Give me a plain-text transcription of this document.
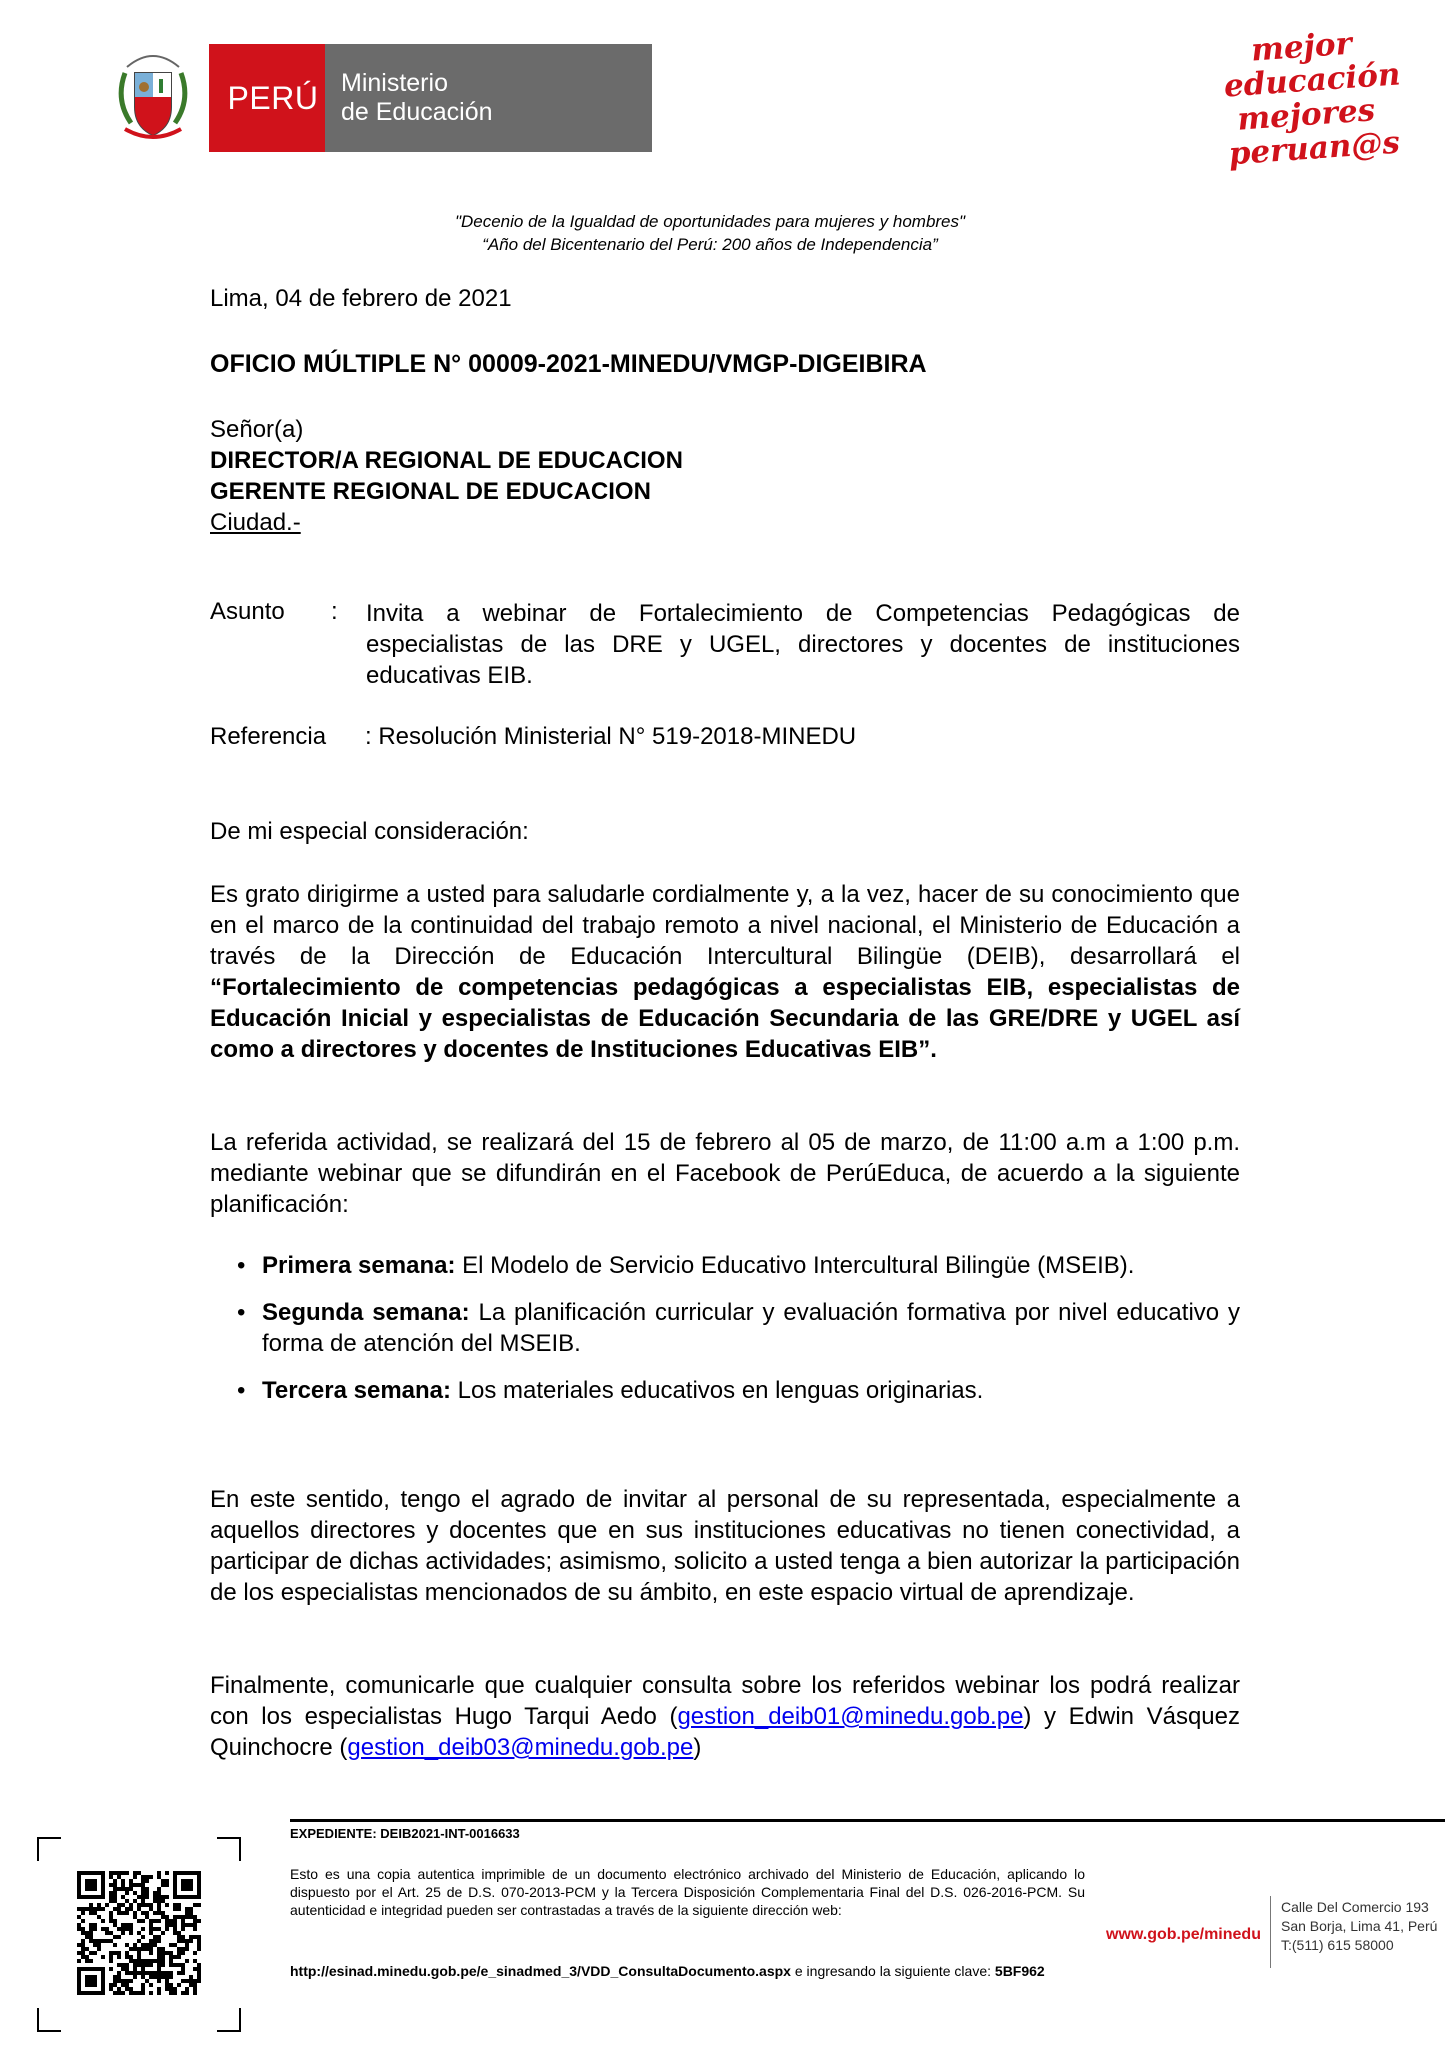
PERÚ Ministerio
de Educación
mejor
educación
mejores
peruan@s
"Decenio de la Igualdad de oportunidades para mujeres y hombres"
“Año del Bicentenario del Perú: 200 años de Independencia”
Lima, 04 de febrero de 2021
OFICIO MÚLTIPLE N° 00009-2021-MINEDU/VMGP-DIGEIBIRA
Señor(a)
DIRECTOR/A REGIONAL DE EDUCACION
GERENTE REGIONAL DE EDUCACION
Ciudad.-
Asunto : Invita a webinar de Fortalecimiento de Competencias Pedagógicas de especialistas de las DRE y UGEL, directores y docentes de instituciones educativas EIB.
Referencia : Resolución Ministerial N° 519-2018-MINEDU
De mi especial consideración:
Es grato dirigirme a usted para saludarle cordialmente y, a la vez, hacer de su conocimiento que en el marco de la continuidad del trabajo remoto a nivel nacional, el Ministerio de Educación a través de la Dirección de Educación Intercultural Bilingüe (DEIB), desarrollará el “Fortalecimiento de competencias pedagógicas a especialistas EIB, especialistas de Educación Inicial y especialistas de Educación Secundaria de las GRE/DRE y UGEL así como a directores y docentes de Instituciones Educativas EIB”.
La referida actividad, se realizará del 15 de febrero al 05 de marzo, de 11:00 a.m a 1:00 p.m. mediante webinar que se difundirán en el Facebook de PerúEduca, de acuerdo a la siguiente planificación:
• Primera semana: El Modelo de Servicio Educativo Intercultural Bilingüe (MSEIB).
• Segunda semana: La planificación curricular y evaluación formativa por nivel educativo y forma de atención del MSEIB.
• Tercera semana: Los materiales educativos en lenguas originarias.
En este sentido, tengo el agrado de invitar al personal de su representada, especialmente a aquellos directores y docentes que en sus instituciones educativas no tienen conectividad, a participar de dichas actividades; asimismo, solicito a usted tenga a bien autorizar la participación de los especialistas mencionados de su ámbito, en este espacio virtual de aprendizaje.
Finalmente, comunicarle que cualquier consulta sobre los referidos webinar los podrá realizar con los especialistas Hugo Tarqui Aedo (gestion_deib01@minedu.gob.pe) y Edwin Vásquez Quinchocre (gestion_deib03@minedu.gob.pe)
EXPEDIENTE: DEIB2021-INT-0016633
Esto es una copia autentica imprimible de un documento electrónico archivado del Ministerio de Educación, aplicando lo dispuesto por el Art. 25 de D.S. 070-2013-PCM y la Tercera Disposición Complementaria Final del D.S. 026-2016-PCM. Su autenticidad e integridad pueden ser contrastadas a través de la siguiente dirección web:
http://esinad.minedu.gob.pe/e_sinadmed_3/VDD_ConsultaDocumento.aspx e ingresando la siguiente clave: 5BF962
www.gob.pe/minedu
Calle Del Comercio 193
San Borja, Lima 41, Perú
T:(511) 615 58000
